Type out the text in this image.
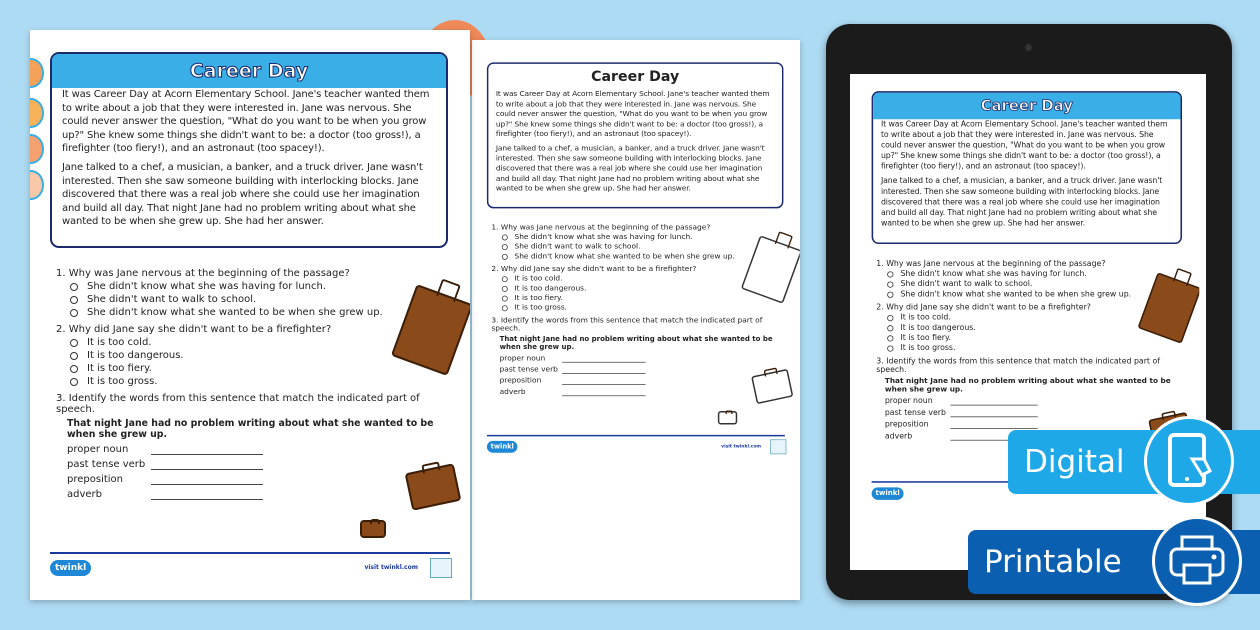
Career Day

It was Career Day at Acorn Elementary School. Jane's teacher wanted them to write about a job that they were interested in. Jane was nervous. She could never answer the question, "What do you want to be when you grow up?" She knew some things she didn't want to be: a doctor (too gross!), a firefighter (too fiery!), and an astronaut (too spacey!).

Jane talked to a chef, a musician, a banker, and a truck driver. Jane wasn't interested. Then she saw someone building with interlocking blocks. Jane discovered that there was a real job where she could use her imagination and build all day. That night Jane had no problem writing about what she wanted to be when she grew up. She had her answer.

1. Why was Jane nervous at the beginning of the passage?
She didn't know what she was having for lunch.
She didn't want to walk to school.
She didn't know what she wanted to be when she grew up.
2. Why did Jane say she didn't want to be a firefighter?
It is too cold.
It is too dangerous.
It is too fiery.
It is too gross.
3. Identify the words from this sentence that match the indicated part of speech.
That night Jane had no problem writing about what she wanted to be when she grew up.
proper noun
past tense verb
preposition
adverb
twinkl	visit twinkl.com
Career Day

It was Career Day at Acorn Elementary School. Jane's teacher wanted them to write about a job that they were interested in. Jane was nervous. She could never answer the question, "What do you want to be when you grow up?" She knew some things she didn't want to be: a doctor (too gross!), a firefighter (too fiery!), and an astronaut (too spacey!).

Jane talked to a chef, a musician, a banker, and a truck driver. Jane wasn't interested. Then she saw someone building with interlocking blocks. Jane discovered that there was a real job where she could use her imagination and build all day. That night Jane had no problem writing about what she wanted to be when she grew up. She had her answer.

1. Why was Jane nervous at the beginning of the passage?
She didn't know what she was having for lunch.
She didn't want to walk to school.
She didn't know what she wanted to be when she grew up.
2. Why did Jane say she didn't want to be a firefighter?
It is too cold.
It is too dangerous.
It is too fiery.
It is too gross.
3. Identify the words from this sentence that match the indicated part of speech.
That night Jane had no problem writing about what she wanted to be when she grew up.
proper noun
past tense verb
preposition
adverb
twinkl	visit twinkl.com
Career Day

It was Career Day at Acorn Elementary School. Jane's teacher wanted them to write about a job that they were interested in. Jane was nervous. She could never answer the question, "What do you want to be when you grow up?" She knew some things she didn't want to be: a doctor (too gross!), a firefighter (too fiery!), and an astronaut (too spacey!).

Jane talked to a chef, a musician, a banker, and a truck driver. Jane wasn't interested. Then she saw someone building with interlocking blocks. Jane discovered that there was a real job where she could use her imagination and build all day. That night Jane had no problem writing about what she wanted to be when she grew up. She had her answer.

1. Why was Jane nervous at the beginning of the passage?
She didn't know what she was having for lunch.
She didn't want to walk to school.
She didn't know what she wanted to be when she grew up.
2. Why did Jane say she didn't want to be a firefighter?
It is too cold.
It is too dangerous.
It is too fiery.
It is too gross.
3. Identify the words from this sentence that match the indicated part of speech.
That night Jane had no problem writing about what she wanted to be when she grew up.
proper noun
past tense verb
preposition
adverb
twinkl
Digital
Printable
